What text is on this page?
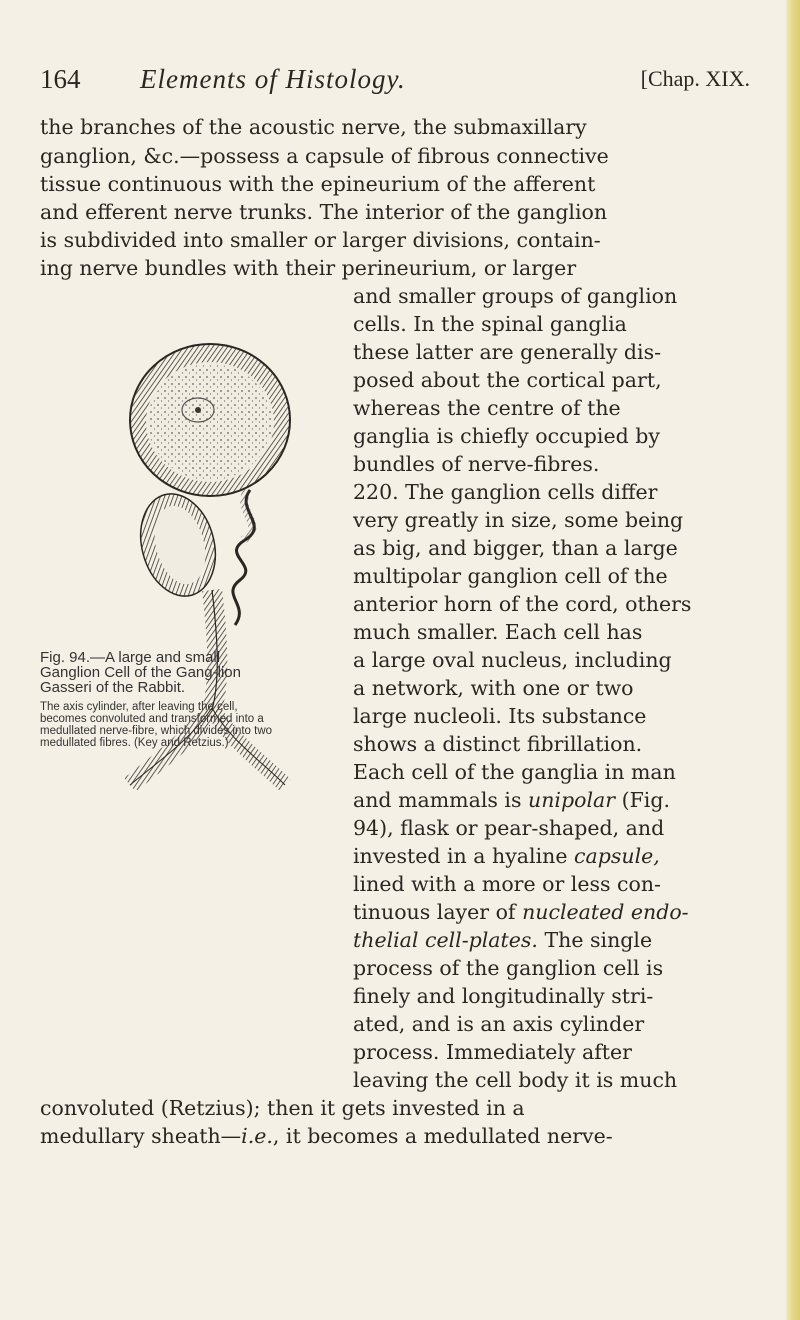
164 Elements of Histology.	[Chap. XIX.
the branches of the acoustic nerve, the submaxillary
ganglion, &c.—possess a capsule of fibrous connective
tissue continuous with the epineurium of the afferent
and efferent nerve trunks. The interior of the ganglion
is subdivided into smaller or larger divisions, contain-
ing nerve bundles with their perineurium, or larger
and smaller groups of ganglion
cells. In the spinal ganglia
these latter are generally dis-
posed about the cortical part,
whereas the centre of the
ganglia is chiefly occupied by
bundles of nerve-fibres.
220. The ganglion cells differ
very greatly in size, some being
as big, and bigger, than a large
multipolar ganglion cell of the
anterior horn of the cord, others
much smaller. Each cell has
a large oval nucleus, including
a network, with one or two
large nucleoli. Its substance
shows a distinct fibrillation.
Each cell of the ganglia in man
and mammals is unipolar (Fig.
94), flask or pear-shaped, and
invested in a hyaline capsule,
lined with a more or less con-
tinuous layer of nucleated endo-
thelial cell-plates. The single
process of the ganglion cell is
finely and longitudinally stri-
ated, and is an axis cylinder
process. Immediately after
leaving the cell body it is much
convoluted (Retzius); then it gets invested in a
medullary sheath—i.e., it becomes a medullated nerve-
Fig. 94.—A large and small Ganglion Cell of the Gang-lion Gasseri of the Rabbit.
The axis cylinder, after leaving the cell, becomes convoluted and transformed into a medullated nerve-fibre, which divides into two medullated fibres. (Key and Retzius.)
